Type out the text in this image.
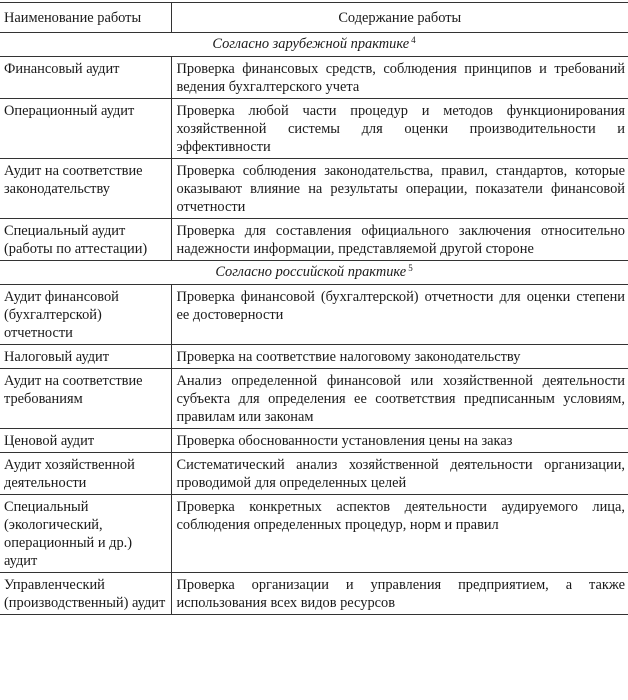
Наименование работы	Содержание работы
Согласно зарубежной практике $^4$
Финансовый аудит	Проверка финансовых средств, соблюдения принципов и требований ведения бухгалтерского учета
Операционный аудит	Проверка любой части процедур и методов функционирования хозяйственной системы для оценки производительности и эффективности
Аудит на соответствие законодательству	Проверка соблюдения законодательства, правил, стандартов, которые оказывают влияние на результаты операции, показатели финансовой отчетности
Специальный аудит (работы по аттестации)	Проверка для составления официального заключения относительно надежности информации, представляемой другой стороне
Согласно российской практике $^5$
Аудит финансовой (бухгалтерской) отчетности	Проверка финансовой (бухгалтерской) отчетности для оценки степени ее достоверности
Налоговый аудит	Проверка на соответствие налоговому законодательству
Аудит на соответствие требованиям	Анализ определенной финансовой или хозяйственной деятельности субъекта для определения ее соответствия предписанным условиям, правилам или законам
Ценовой аудит	Проверка обоснованности установления цены на заказ
Аудит хозяйственной деятельности	Систематический анализ хозяйственной деятельности организации, проводимой для определенных целей
Специальный (экологический, операционный и др.) аудит	Проверка конкретных аспектов деятельности аудируемого лица, соблюдения определенных процедур, норм и правил
Управленческий (производственный) аудит	Проверка организации и управления предприятием, а также использования всех видов ресурсов
